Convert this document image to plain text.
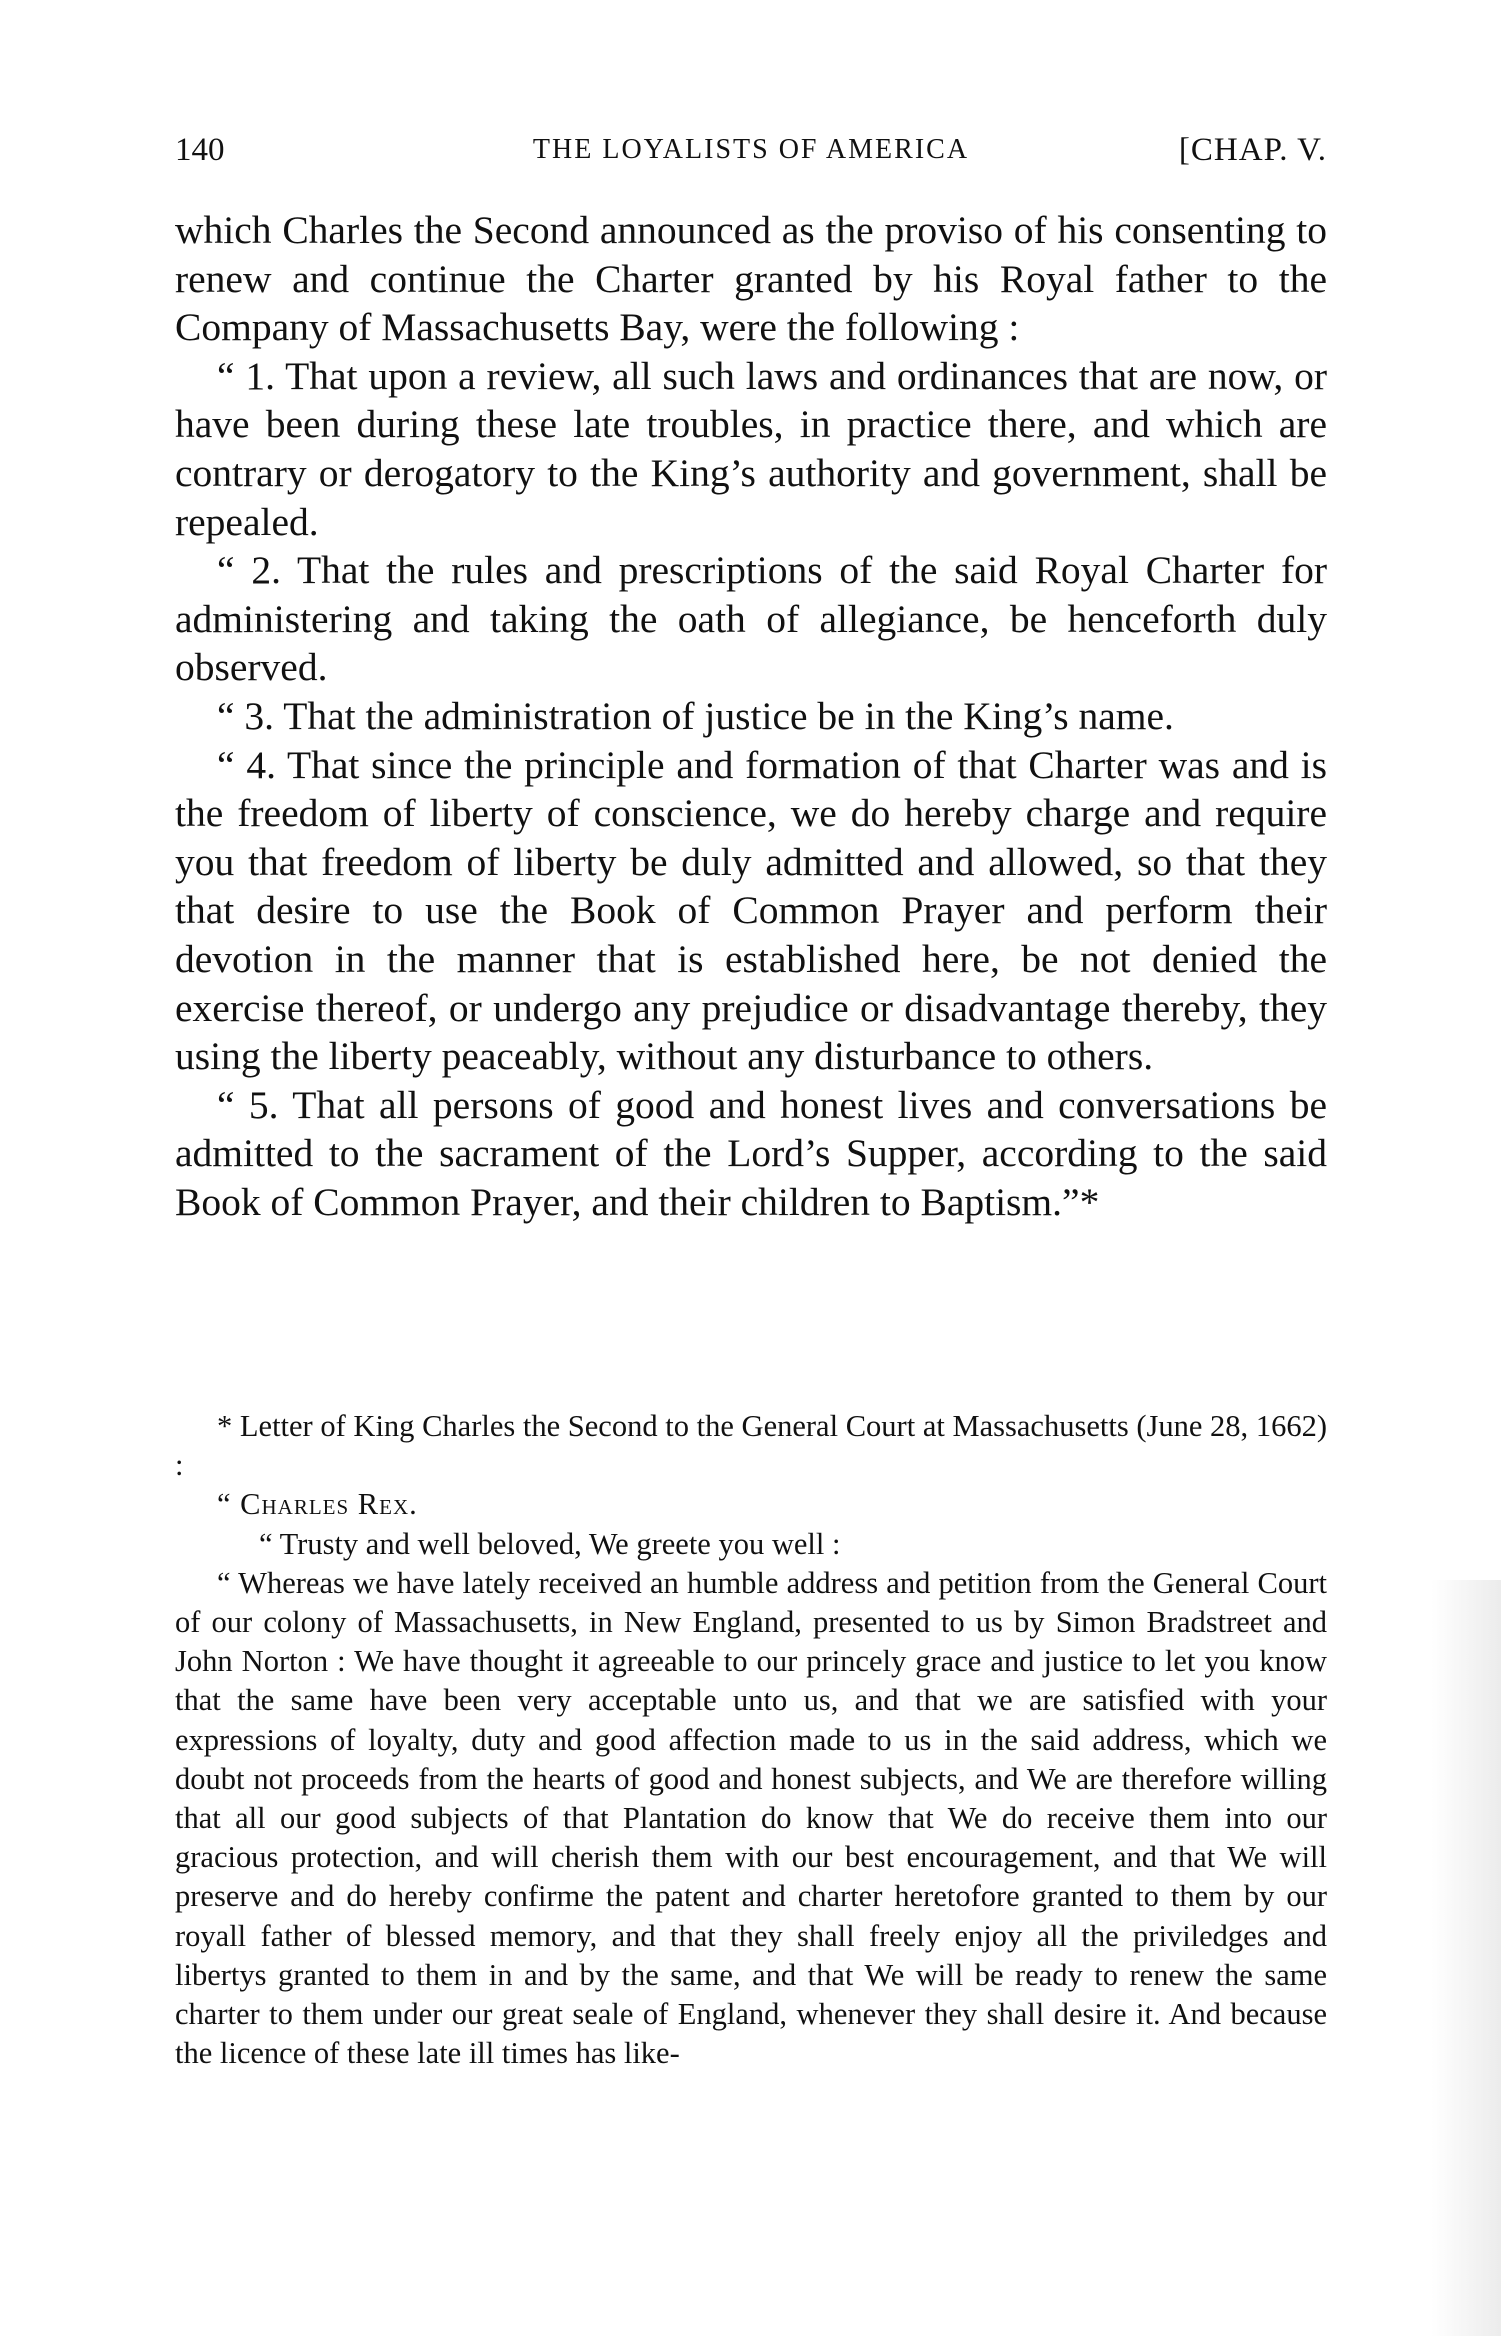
140	THE LOYALISTS OF AMERICA	[CHAP. V.

which Charles the Second announced as the proviso of his consenting to renew and continue the Charter granted by his Royal father to the Company of Massachusetts Bay, were the following :

“ 1. That upon a review, all such laws and ordinances that are now, or have been during these late troubles, in practice there, and which are contrary or derogatory to the King’s authority and government, shall be repealed.

“ 2. That the rules and prescriptions of the said Royal Charter for administering and taking the oath of allegiance, be henceforth duly observed.

“ 3. That the administration of justice be in the King’s name.

“ 4. That since the principle and formation of that Charter was and is the freedom of liberty of conscience, we do hereby charge and require you that freedom of liberty be duly admitted and allowed, so that they that desire to use the Book of Common Prayer and perform their devotion in the manner that is established here, be not denied the exercise thereof, or undergo any prejudice or disadvantage thereby, they using the liberty peaceably, without any disturbance to others.

“ 5. That all persons of good and honest lives and conversations be admitted to the sacrament of the Lord’s Supper, according to the said Book of Common Prayer, and their children to Baptism.”*

* Letter of King Charles the Second to the General Court at Massachusetts (June 28, 1662) :

“ Charles Rex.

“ Trusty and well beloved, We greete you well :

“ Whereas we have lately received an humble address and petition from the General Court of our colony of Massachusetts, in New England, presented to us by Simon Bradstreet and John Norton : We have thought it agreeable to our princely grace and justice to let you know that the same have been very acceptable unto us, and that we are satisfied with your expressions of loyalty, duty and good affection made to us in the said address, which we doubt not proceeds from the hearts of good and honest subjects, and We are therefore willing that all our good subjects of that Plantation do know that We do receive them into our gracious protection, and will cherish them with our best encouragement, and that We will preserve and do hereby confirme the patent and charter heretofore granted to them by our royall father of blessed memory, and that they shall freely enjoy all the priviledges and libertys granted to them in and by the same, and that We will be ready to renew the same charter to them under our great seale of England, whenever they shall desire it. And because the licence of these late ill times has like-
